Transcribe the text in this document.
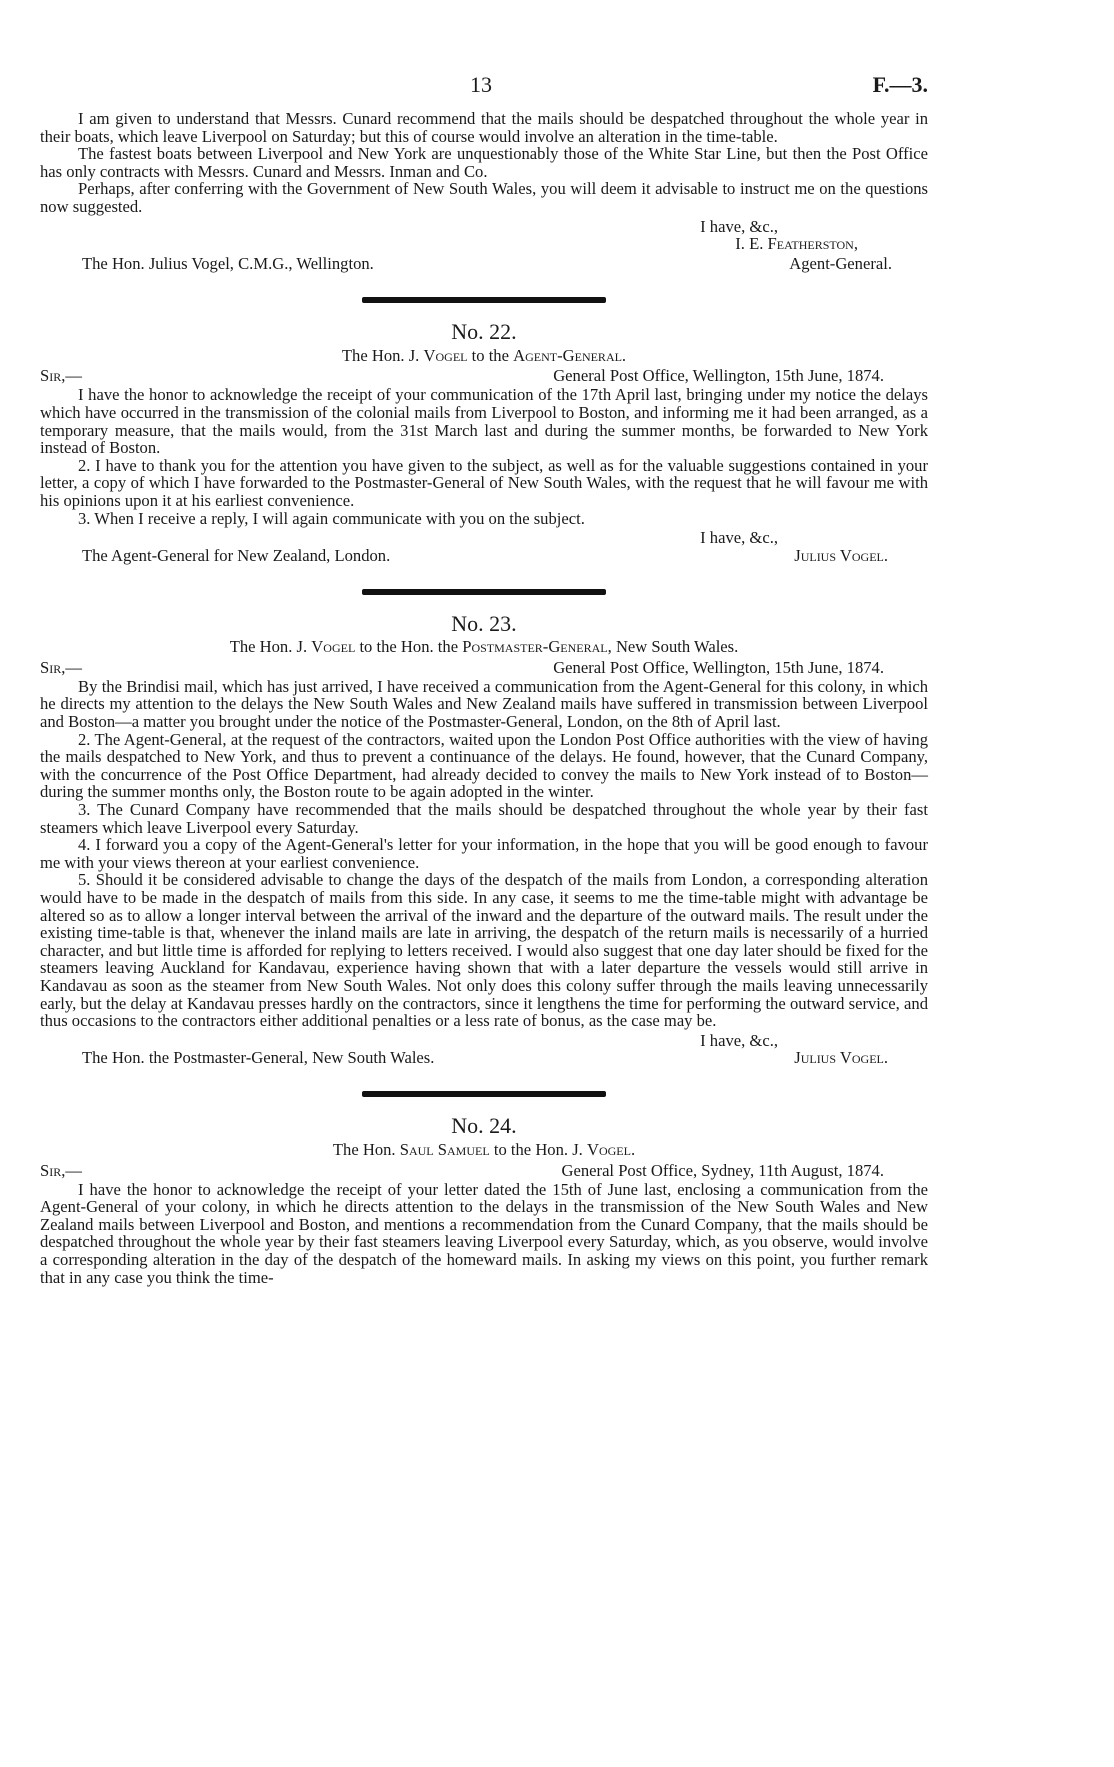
13	F.—3.

I am given to understand that Messrs. Cunard recommend that the mails should be despatched throughout the whole year in their boats, which leave Liverpool on Saturday; but this of course would involve an alteration in the time-table.

The fastest boats between Liverpool and New York are unquestionably those of the White Star Line, but then the Post Office has only contracts with Messrs. Cunard and Messrs. Inman and Co.

Perhaps, after conferring with the Government of New South Wales, you will deem it advisable to instruct me on the questions now suggested.

I have, &c.,
I. E. Featherston,
The Hon. Julius Vogel, C.M.G., Wellington.	Agent-General.
No. 22.
The Hon. J. Vogel to the Agent-General.
Sir,—	General Post Office, Wellington, 15th June, 1874.

I have the honor to acknowledge the receipt of your communication of the 17th April last, bringing under my notice the delays which have occurred in the transmission of the colonial mails from Liverpool to Boston, and informing me it had been arranged, as a temporary measure, that the mails would, from the 31st March last and during the summer months, be forwarded to New York instead of Boston.

2. I have to thank you for the attention you have given to the subject, as well as for the valuable suggestions contained in your letter, a copy of which I have forwarded to the Postmaster-General of New South Wales, with the request that he will favour me with his opinions upon it at his earliest convenience.

3. When I receive a reply, I will again communicate with you on the subject.

I have, &c.,
The Agent-General for New Zealand, London.	Julius Vogel.
No. 23.
The Hon. J. Vogel to the Hon. the Postmaster-General, New South Wales.
Sir,—	General Post Office, Wellington, 15th June, 1874.

By the Brindisi mail, which has just arrived, I have received a communication from the Agent-General for this colony, in which he directs my attention to the delays the New South Wales and New Zealand mails have suffered in transmission between Liverpool and Boston—a matter you brought under the notice of the Postmaster-General, London, on the 8th of April last.

2. The Agent-General, at the request of the contractors, waited upon the London Post Office authorities with the view of having the mails despatched to New York, and thus to prevent a continuance of the delays. He found, however, that the Cunard Company, with the concurrence of the Post Office Department, had already decided to convey the mails to New York instead of to Boston—during the summer months only, the Boston route to be again adopted in the winter.

3. The Cunard Company have recommended that the mails should be despatched throughout the whole year by their fast steamers which leave Liverpool every Saturday.

4. I forward you a copy of the Agent-General's letter for your information, in the hope that you will be good enough to favour me with your views thereon at your earliest convenience.

5. Should it be considered advisable to change the days of the despatch of the mails from London, a corresponding alteration would have to be made in the despatch of mails from this side. In any case, it seems to me the time-table might with advantage be altered so as to allow a longer interval between the arrival of the inward and the departure of the outward mails. The result under the existing time-table is that, whenever the inland mails are late in arriving, the despatch of the return mails is necessarily of a hurried character, and but little time is afforded for replying to letters received. I would also suggest that one day later should be fixed for the steamers leaving Auckland for Kandavau, experience having shown that with a later departure the vessels would still arrive in Kandavau as soon as the steamer from New South Wales. Not only does this colony suffer through the mails leaving unnecessarily early, but the delay at Kandavau presses hardly on the contractors, since it lengthens the time for performing the outward service, and thus occasions to the contractors either additional penalties or a less rate of bonus, as the case may be.

I have, &c.,
The Hon. the Postmaster-General, New South Wales.	Julius Vogel.
No. 24.
The Hon. Saul Samuel to the Hon. J. Vogel.
Sir,—	General Post Office, Sydney, 11th August, 1874.

I have the honor to acknowledge the receipt of your letter dated the 15th of June last, enclosing a communication from the Agent-General of your colony, in which he directs attention to the delays in the transmission of the New South Wales and New Zealand mails between Liverpool and Boston, and mentions a recommendation from the Cunard Company, that the mails should be despatched throughout the whole year by their fast steamers leaving Liverpool every Saturday, which, as you observe, would involve a corresponding alteration in the day of the despatch of the homeward mails. In asking my views on this point, you further remark that in any case you think the time-
